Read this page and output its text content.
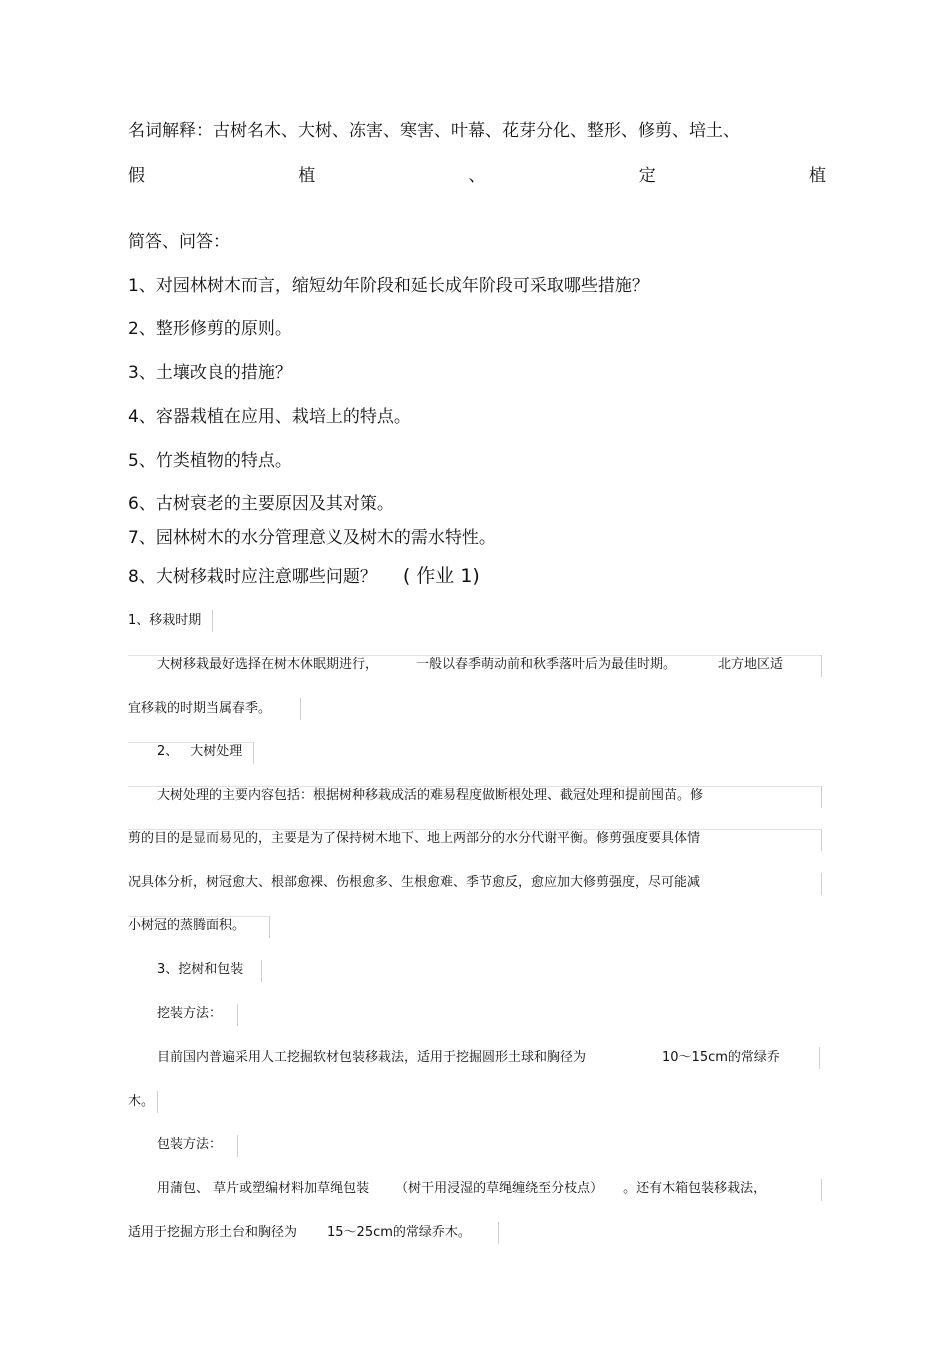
名词解释：古树名木、大树、冻害、寒害、叶幕、花芽分化、整形、修剪、培土、
假	植	、	定	植
简答、问答：
1、对园林树木而言，缩短幼年阶段和延长成年阶段可采取哪些措施？
2、整形修剪的原则。
3、土壤改良的措施？
4、容器栽植在应用、栽培上的特点。
5、竹类植物的特点。
6、古树衰老的主要原因及其对策。
7、园林树木的水分管理意义及树木的需水特性。
8、大树移栽时应注意哪些问题？ ( 作业 1)
1、移栽时期
大树移栽最好选择在树木休眠期进行，	一般以春季萌动前和秋季落叶后为最佳时期。	北方地区适
宜移栽的时期当属春季。
2、 大树处理
大树处理的主要内容包括：根据树种移栽成活的难易程度做断根处理、截冠处理和提前囤苗。修
剪的目的是显而易见的，主要是为了保持树木地下、地上两部分的水分代谢平衡。修剪强度要具体情
况具体分析，树冠愈大、根部愈裸、伤根愈多、生根愈难、季节愈反，愈应加大修剪强度，尽可能减
小树冠的蒸腾面积。
3、挖树和包装
挖装方法：
目前国内普遍采用人工挖掘软材包装移栽法，适用于挖掘圆形土球和胸径为	10～15cm的常绿乔
木。
包装方法：
用蒲包、 草片或塑编材料加草绳包装 （树干用浸湿的草绳缠绕至分枝点） 。还有木箱包装移栽法，
适用于挖掘方形土台和胸径为 15～25cm的常绿乔木。
